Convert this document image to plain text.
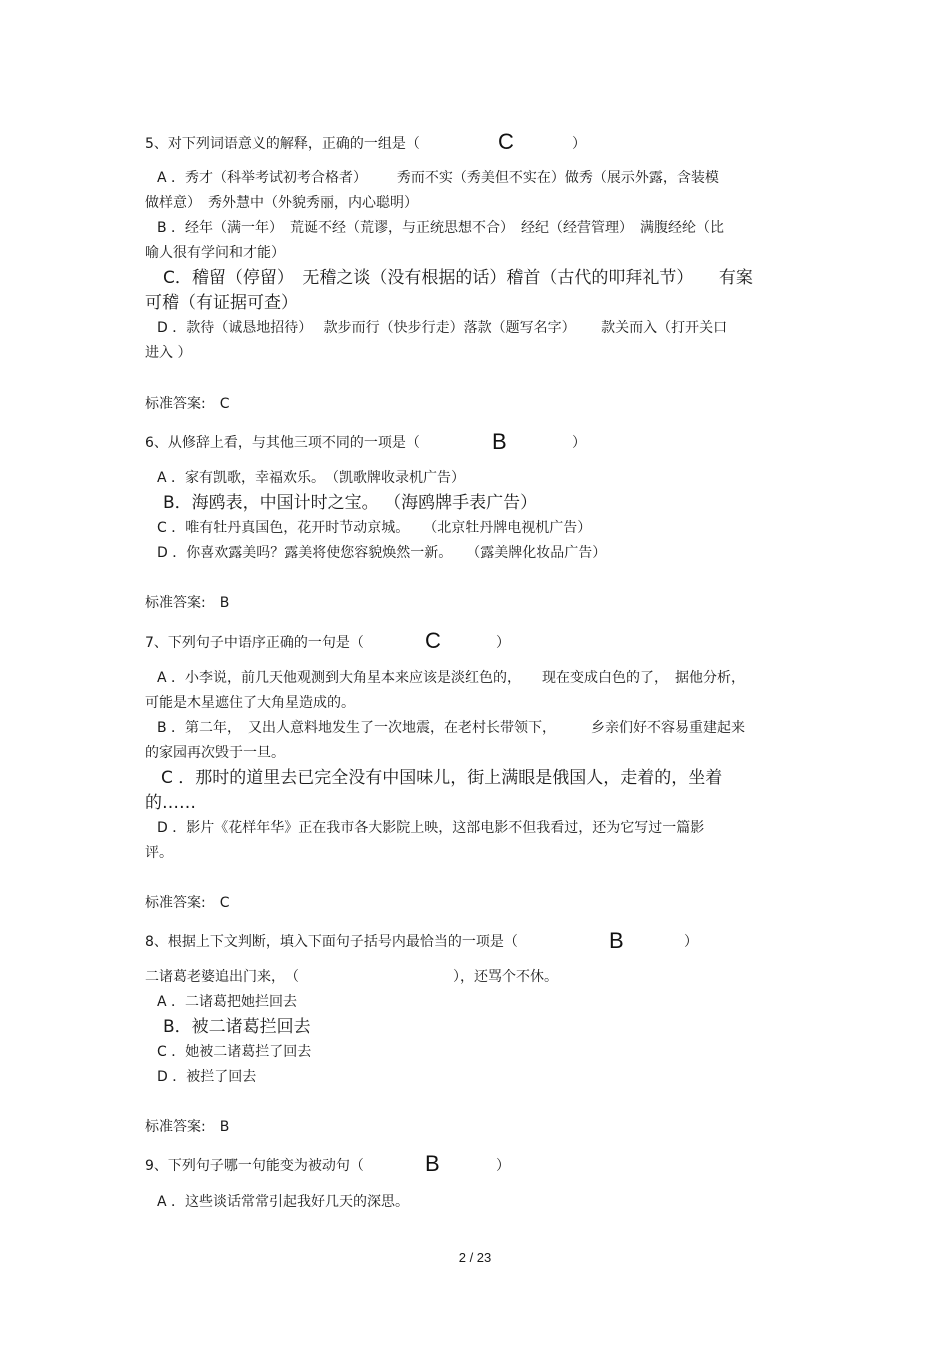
5、对下列词语意义的解释，正确的一组是（	C	）
A ．秀才（科举考试初考合格者）　　  秀而不实（秀美但不实在）做秀（展示外露，含装模
做样意）　秀外慧中（外貌秀丽，内心聪明）
B ．经年（满一年）　荒诞不经（荒谬，与正统思想不合）　经纪（经营管理）　满腹经纶（比
喻人很有学问和才能）
C．稽留（停留）　无稽之谈（没有根据的话）稽首（古代的叩拜礼节）　　有案
可稽（有证据可查）
D ．款待（诚恳地招待）　 款步而行（快步行走）落款（题写名字）　　 款关而入（打开关口
进入 ）
标准答案:　C
6、从修辞上看，与其他三项不同的一项是（	B	）
A ．家有凯歌，幸福欢乐。　（凯歌牌收录机广告）
B．海鸥表，中国计时之宝。 （海鸥牌手表广告）
C ．唯有牡丹真国色，花开时节动京城。　　（北京牡丹牌电视机广告）
D ．你喜欢露美吗？露美将使您容貌焕然一新。　　（露美牌化妆品广告）
标准答案:　B
7、下列句子中语序正确的一句是（	C	）
A ．小李说，前几天他观测到大角星本来应该是淡红色的，　　现在变成白色的了，　据他分析，
可能是木星遮住了大角星造成的。
B ．第二年，　又出人意料地发生了一次地震，在老村长带领下，　　　乡亲们好不容易重建起来
的家园再次毁于一旦。
C ．那时的道里去已完全没有中国味儿，街上满眼是俄国人，走着的，坐着
的……
D ．影片《花样年华》正在我市各大影院上映，这部电影不但我看过，还为它写过一篇影
评。
标准答案:　C
8、根据上下文判断，填入下面句子括号内最恰当的一项是（	B	）
二诸葛老婆追出门来，　（　　　　　　　　　　　），还骂个不休。
A ．二诸葛把她拦回去
B．被二诸葛拦回去
C ．她被二诸葛拦了回去
D ．被拦了回去
标准答案:　B
9、下列句子哪一句能变为被动句（	B	）
A ．这些谈话常常引起我好几天的深思。
2 / 23
